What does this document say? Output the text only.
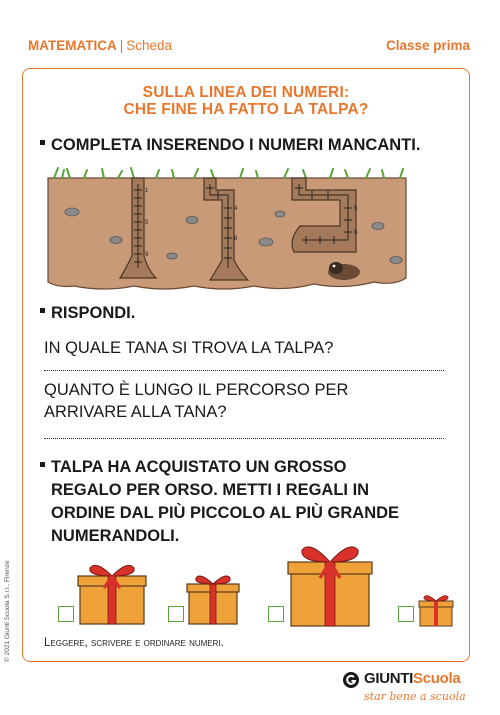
MATEMATICA | Scheda	Classe prima
SULLA LINEA DEI NUMERI:
CHE FINE HA FATTO LA TALPA?
COMPLETA INSERENDO I NUMERI MANCANTI.
1
5
9
4
8
5
8
RISPONDI.
IN QUALE TANA SI TROVA LA TALPA?
QUANTO È LUNGO IL PERCORSO PER
ARRIVARE ALLA TANA?
TALPA HA ACQUISTATO UN GROSSO
REGALO PER ORSO. METTI I REGALI IN
ORDINE DAL PIÙ PICCOLO AL PIÙ GRANDE
NUMERANDOLI.
Leggere, scrivere e ordinare numeri.
© 2021 Giunti Scuola S.r.l., Firenze
GIUNTIScuola
star bene a scuola
